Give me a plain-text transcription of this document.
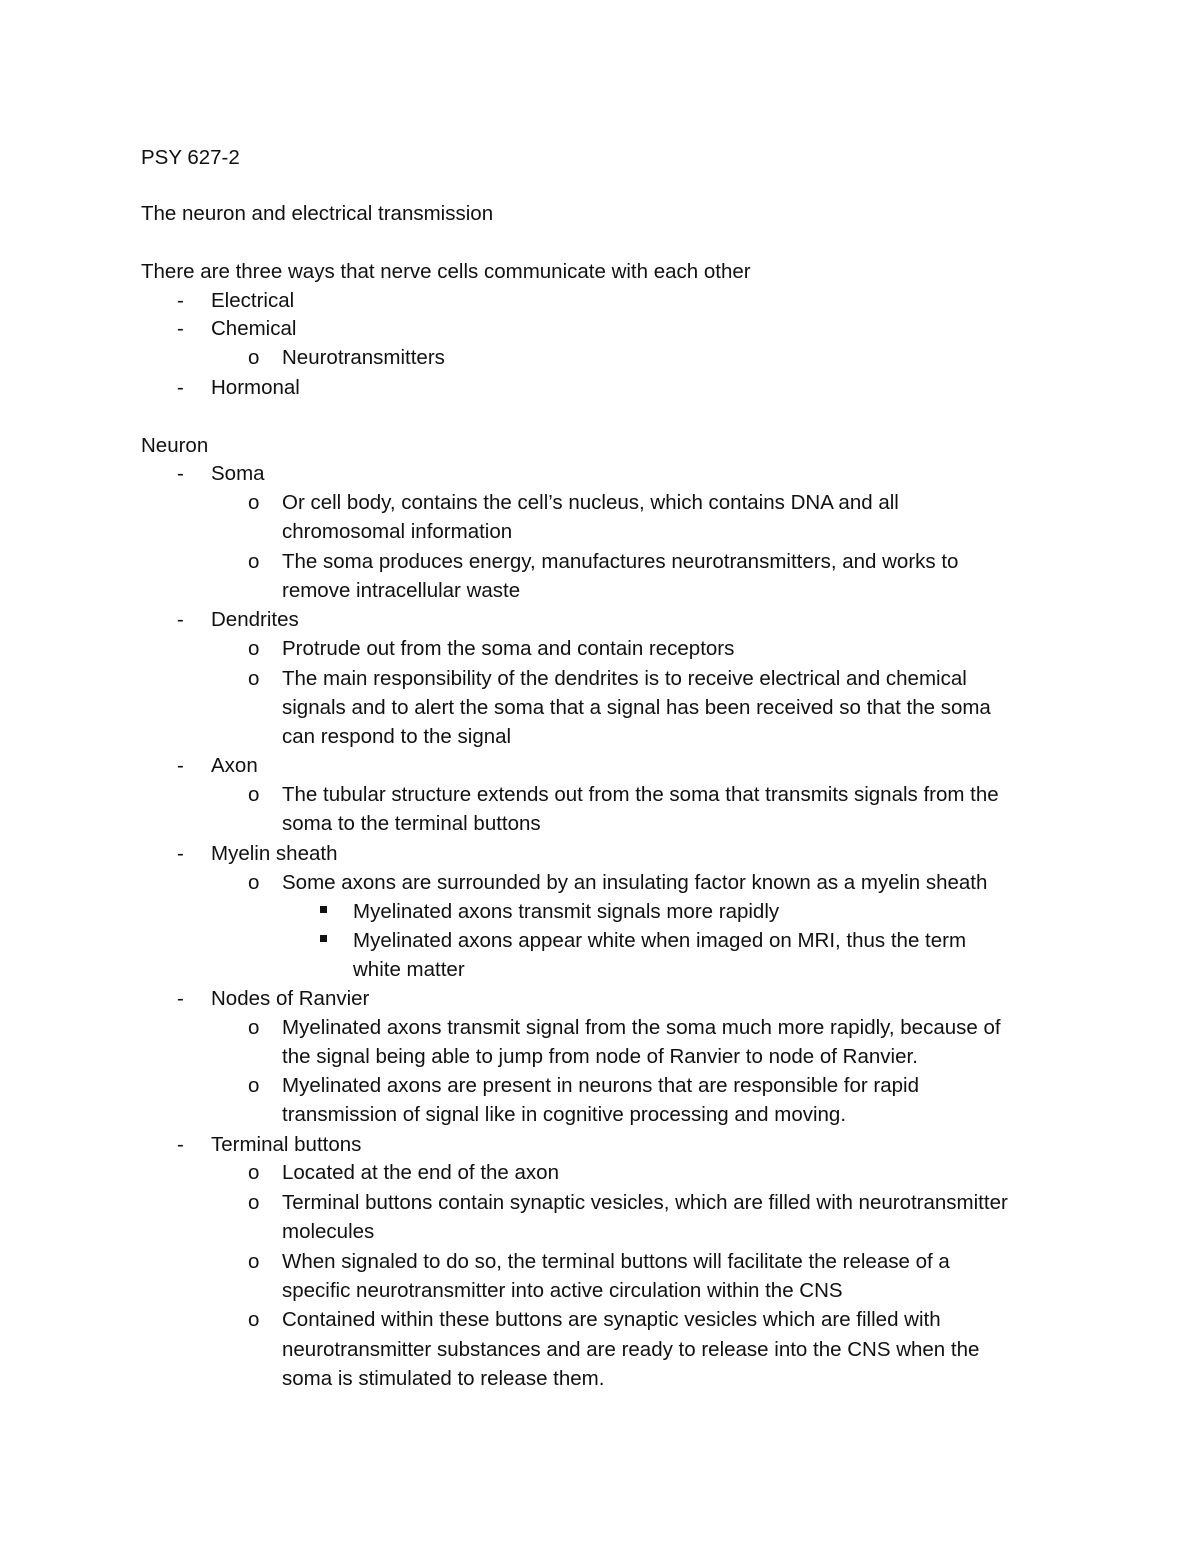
PSY 627-2
The neuron and electrical transmission
There are three ways that nerve cells communicate with each other
- Electrical
- Chemical
o Neurotransmitters
- Hormonal
Neuron
- Soma
o Or cell body, contains the cell’s nucleus, which contains DNA and all
chromosomal information
o The soma produces energy, manufactures neurotransmitters, and works to
remove intracellular waste
- Dendrites
o Protrude out from the soma and contain receptors
o The main responsibility of the dendrites is to receive electrical and chemical
signals and to alert the soma that a signal has been received so that the soma
can respond to the signal
- Axon
o The tubular structure extends out from the soma that transmits signals from the
soma to the terminal buttons
- Myelin sheath
o Some axons are surrounded by an insulating factor known as a myelin sheath
Myelinated axons transmit signals more rapidly
Myelinated axons appear white when imaged on MRI, thus the term
white matter
- Nodes of Ranvier
o Myelinated axons transmit signal from the soma much more rapidly, because of
the signal being able to jump from node of Ranvier to node of Ranvier.
o Myelinated axons are present in neurons that are responsible for rapid
transmission of signal like in cognitive processing and moving.
- Terminal buttons
o Located at the end of the axon
o Terminal buttons contain synaptic vesicles, which are filled with neurotransmitter
molecules
o When signaled to do so, the terminal buttons will facilitate the release of a
specific neurotransmitter into active circulation within the CNS
o Contained within these buttons are synaptic vesicles which are filled with
neurotransmitter substances and are ready to release into the CNS when the
soma is stimulated to release them.
